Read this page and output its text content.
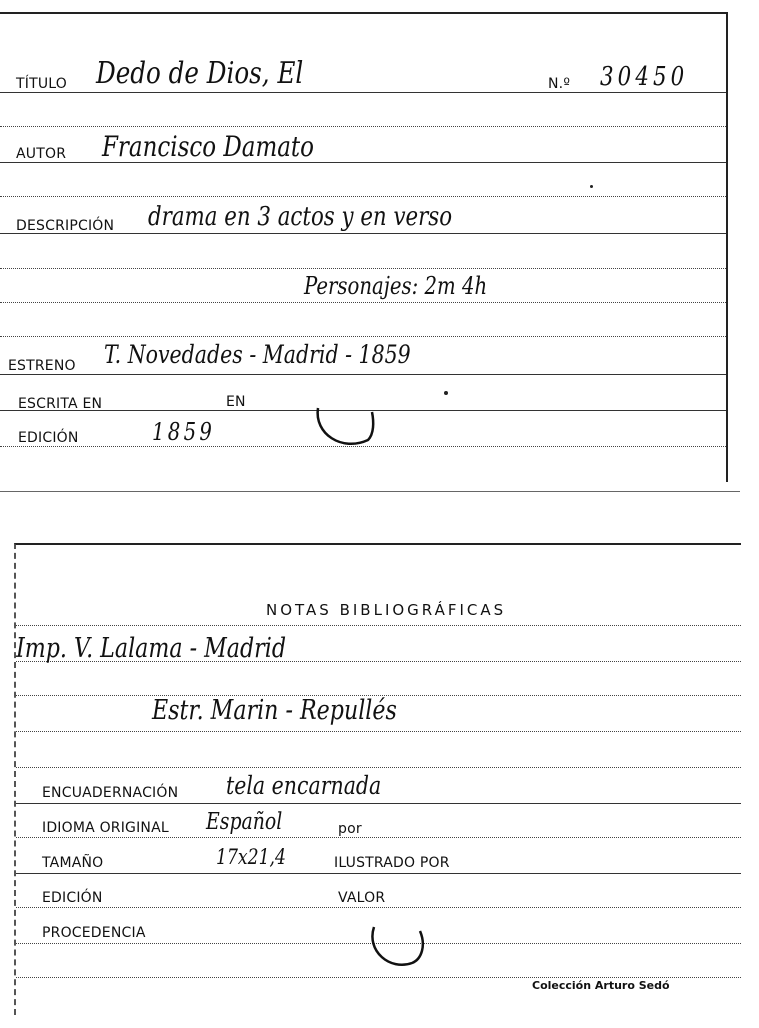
TÍTULO Dedo de Dios, El	N.º 30450
AUTOR Francisco Damato
DESCRIPCIÓN drama en 3 actos y en verso
Personajes: 2m 4h
ESTRENO T. Novedades - Madrid - 1859
ESCRITA EN	EN
EDICIÓN	1859
NOTAS BIBLIOGRÁFICAS
Imp. V. Lalama - Madrid
Estr. Marin - Repullés
ENCUADERNACIÓN tela encarnada
IDIOMA ORIGINAL Español	por
TAMAÑO	17x21,4	ILUSTRADO POR
EDICIÓN	VALOR
PROCEDENCIA
Colección Arturo Sedó
